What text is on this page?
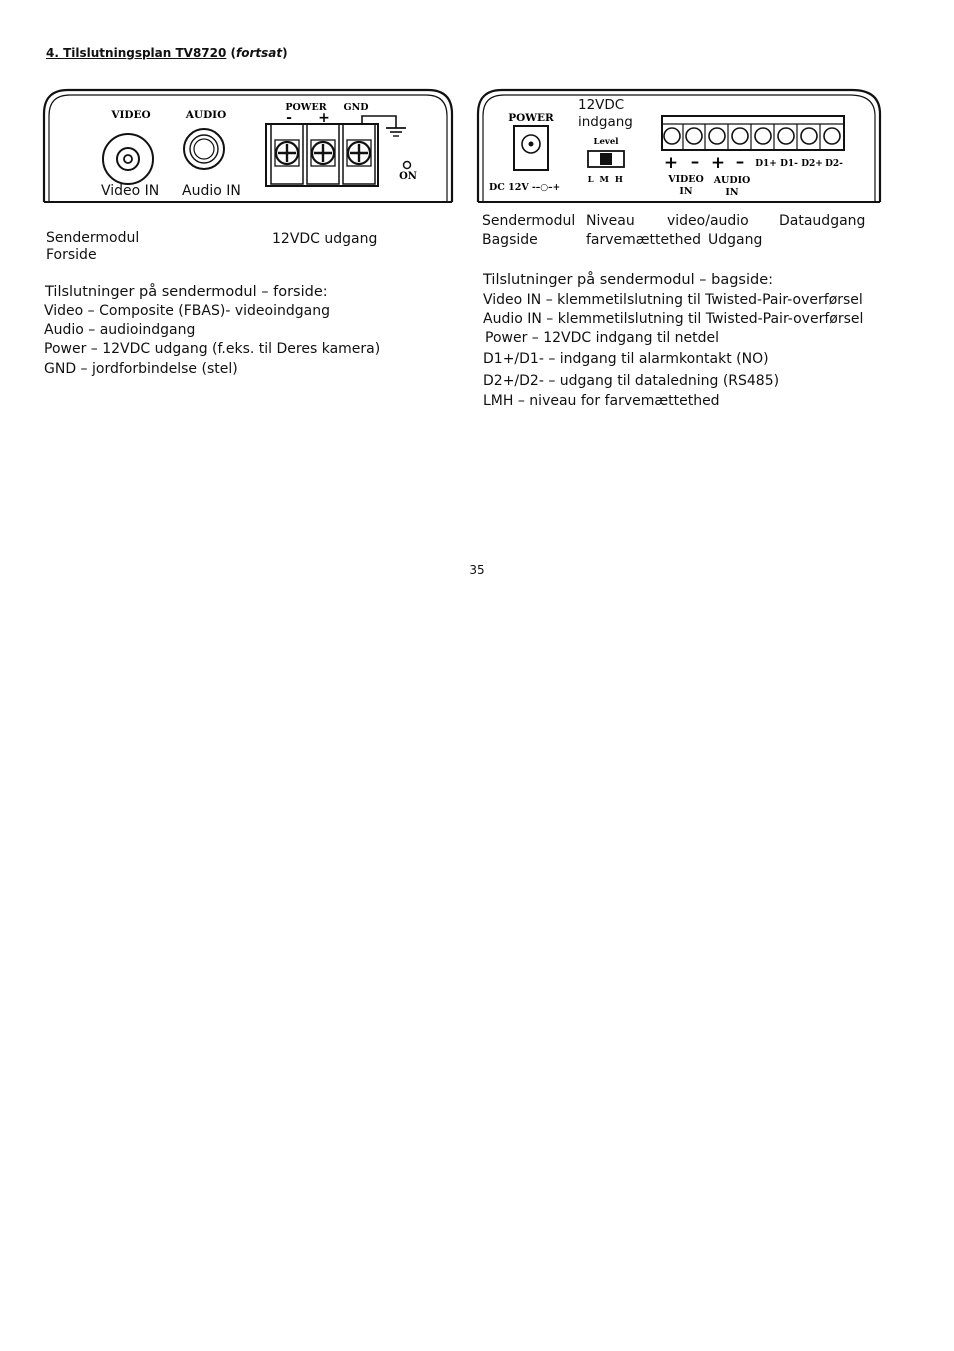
4. Tilslutningsplan TV8720 (fortsat)
VIDEO	AUDIO
POWER GND
- +
ON
Video IN Audio IN
POWER
DC 12V -–○–+
Level
L M H
+ – + – D1+ D1- D2+ D2-
VIDEO
IN
AUDIO
IN
12VDC
indgang
Sendermodul
Forside
12VDC udgang
Sendermodul
Bagside
Niveau
farvemættethed
video/audio
Udgang
Dataudgang
Tilslutninger på sendermodul – forside:
Video – Composite (FBAS)- videoindgang
Audio – audioindgang
Power – 12VDC udgang (f.eks. til Deres kamera)
GND – jordforbindelse (stel)
Tilslutninger på sendermodul – bagside:
Video IN – klemmetilslutning til Twisted-Pair-overførsel
Audio IN – klemmetilslutning til Twisted-Pair-overførsel
Power – 12VDC indgang til netdel
D1+/D1- – indgang til alarmkontakt (NO)
D2+/D2- – udgang til dataledning (RS485)
LMH – niveau for farvemættethed
35
